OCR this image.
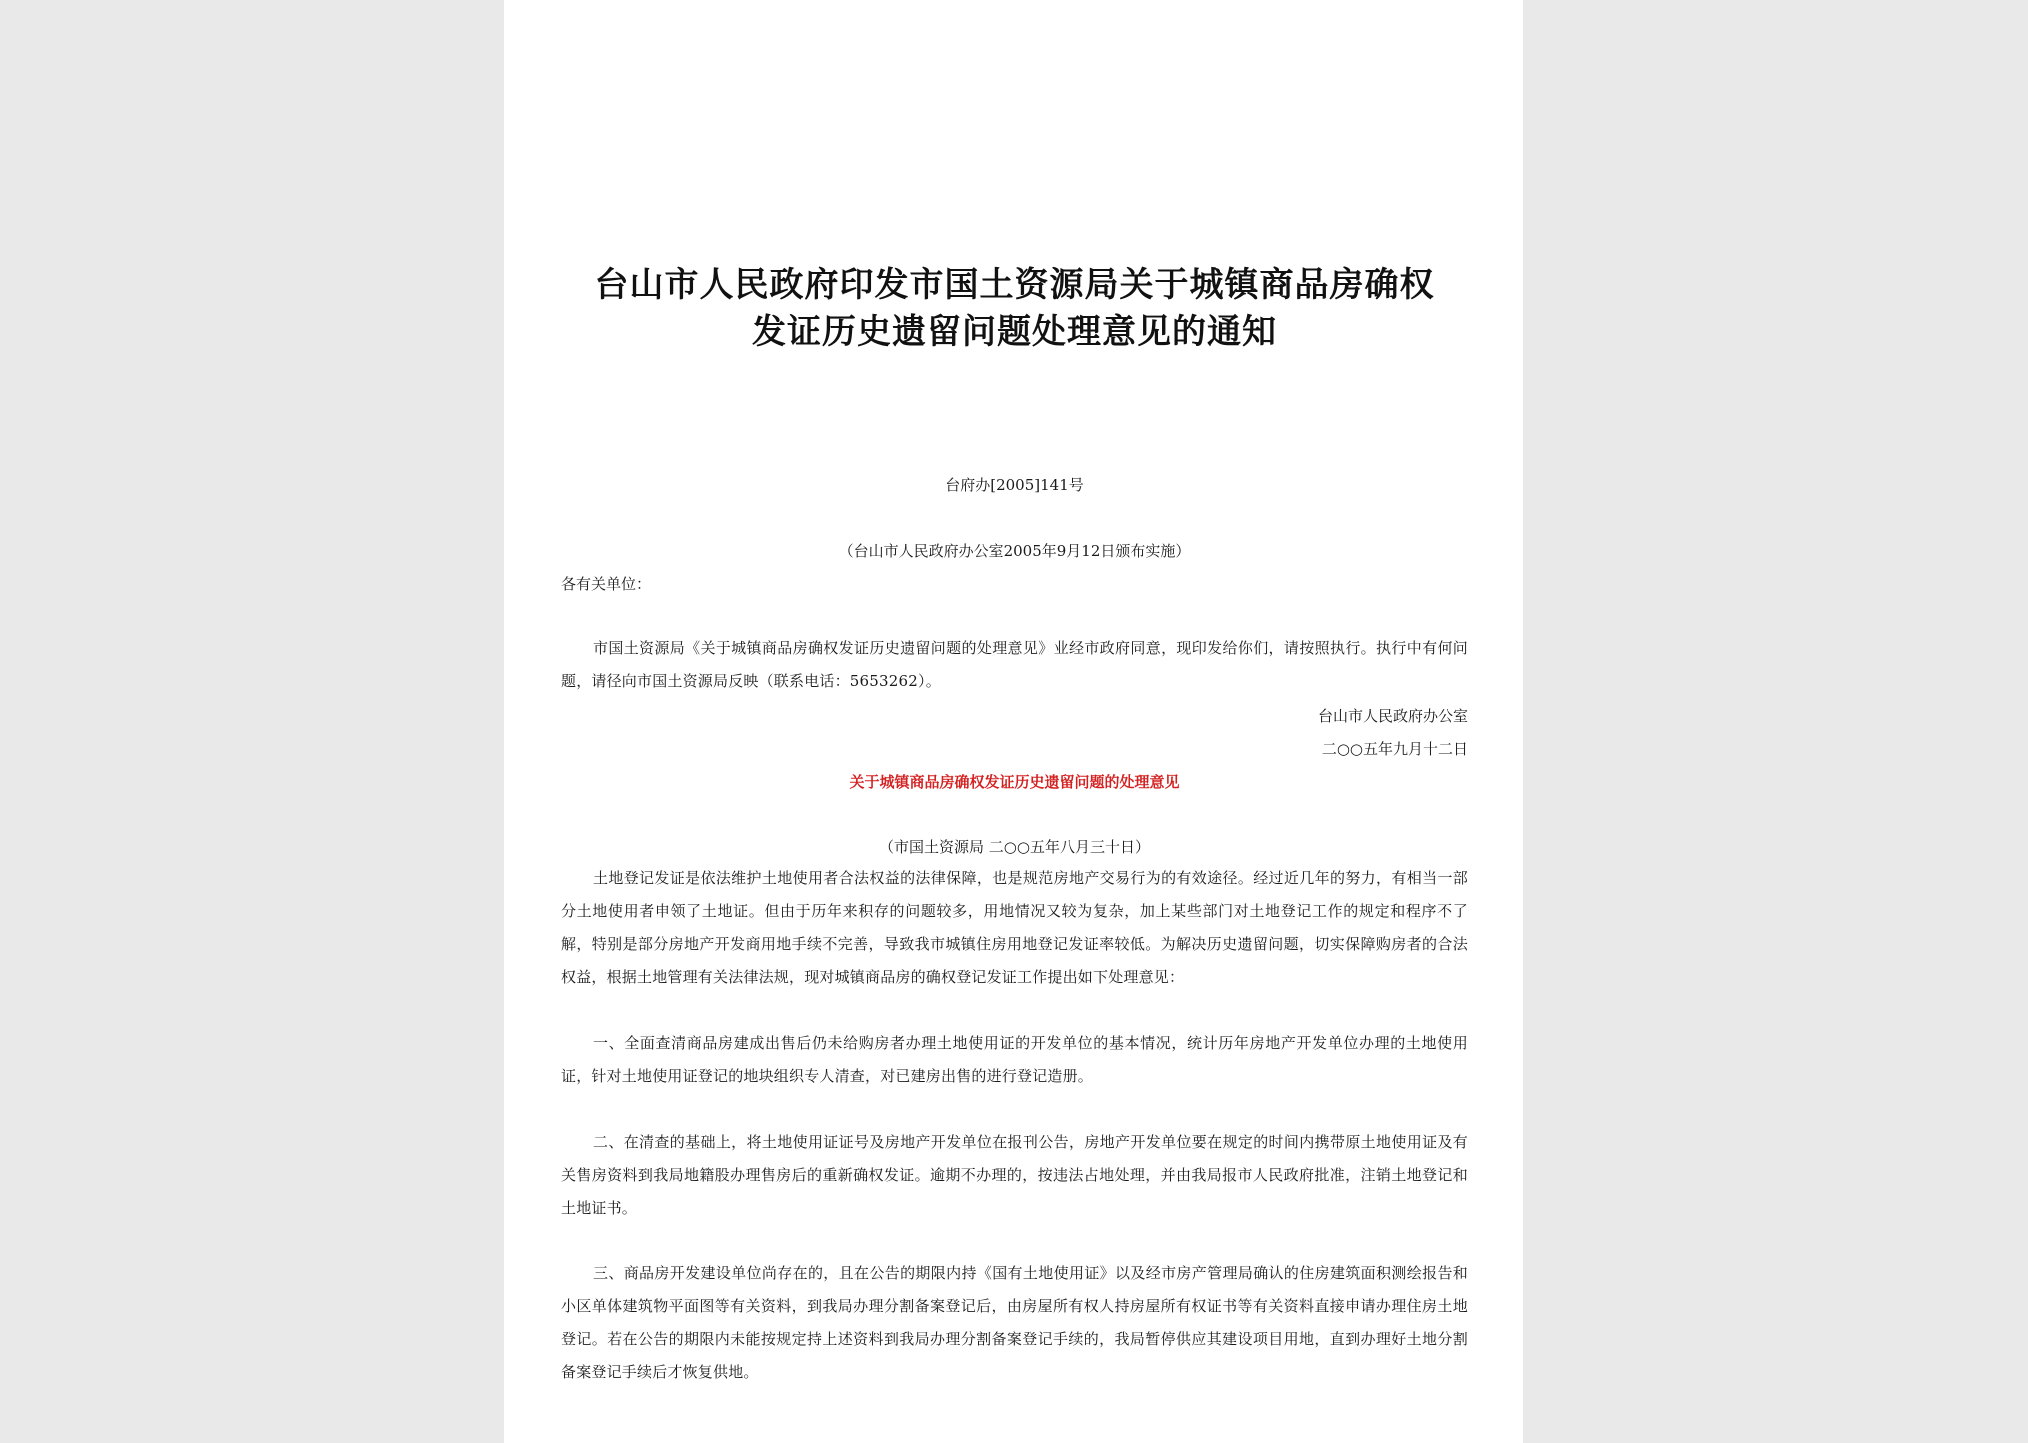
台山市人民政府印发市国土资源局关于城镇商品房确权
发证历史遗留问题处理意见的通知
台府办[2005]141号
（台山市人民政府办公室2005年9月12日颁布实施）
各有关单位：

市国土资源局《关于城镇商品房确权发证历史遗留问题的处理意见》业经市政府同意，现印发给你们，请按照执行。执行中有何问题，请径向市国土资源局反映（联系电话：5653262）。

台山市人民政府办公室
二○○五年九月十二日
关于城镇商品房确权发证历史遗留问题的处理意见
（市国土资源局 二○○五年八月三十日）

土地登记发证是依法维护土地使用者合法权益的法律保障，也是规范房地产交易行为的有效途径。经过近几年的努力，有相当一部分土地使用者申领了土地证。但由于历年来积存的问题较多，用地情况又较为复杂，加上某些部门对土地登记工作的规定和程序不了解，特别是部分房地产开发商用地手续不完善，导致我市城镇住房用地登记发证率较低。为解决历史遗留问题，切实保障购房者的合法权益，根据土地管理有关法律法规，现对城镇商品房的确权登记发证工作提出如下处理意见：

一、全面查清商品房建成出售后仍未给购房者办理土地使用证的开发单位的基本情况，统计历年房地产开发单位办理的土地使用证，针对土地使用证登记的地块组织专人清查，对已建房出售的进行登记造册。

二、在清查的基础上，将土地使用证证号及房地产开发单位在报刊公告，房地产开发单位要在规定的时间内携带原土地使用证及有关售房资料到我局地籍股办理售房后的重新确权发证。逾期不办理的，按违法占地处理，并由我局报市人民政府批准，注销土地登记和土地证书。

三、商品房开发建设单位尚存在的，且在公告的期限内持《国有土地使用证》以及经市房产管理局确认的住房建筑面积测绘报告和小区单体建筑物平面图等有关资料，到我局办理分割备案登记后，由房屋所有权人持房屋所有权证书等有关资料直接申请办理住房土地登记。若在公告的期限内未能按规定持上述资料到我局办理分割备案登记手续的，我局暂停供应其建设项目用地，直到办理好土地分割备案登记手续后才恢复供地。
